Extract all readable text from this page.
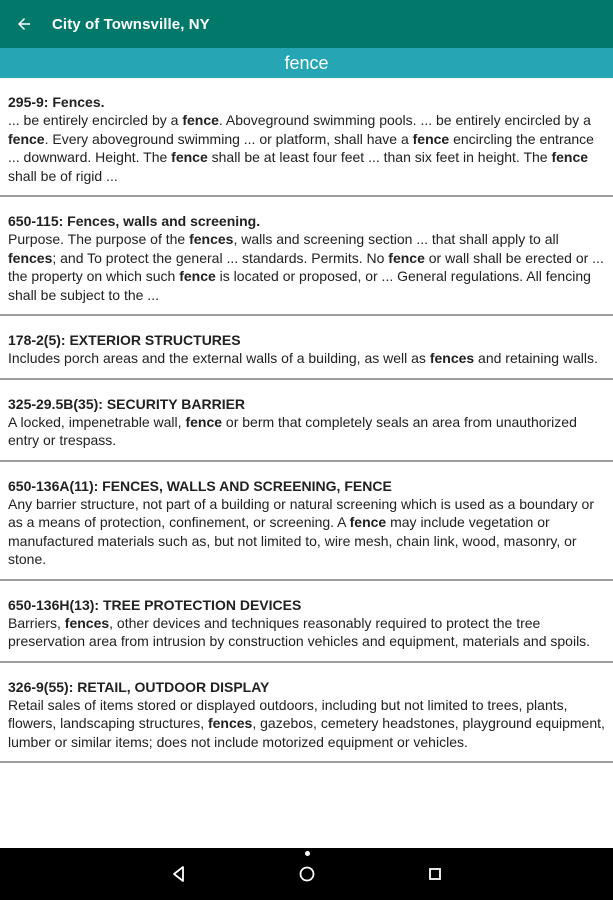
City of Townsville, NY
fence
295-9: Fences.
... be entirely encircled by a fence. Aboveground swimming pools. ... be entirely encircled by a fence. Every aboveground swimming ... or platform, shall have a fence encircling the entrance ... downward. Height. The fence shall be at least four feet ... than six feet in height. The fence shall be of rigid ...
650-115: Fences, walls and screening.
Purpose. The purpose of the fences, walls and screening section ... that shall apply to all fences; and To protect the general ... standards. Permits. No fence or wall shall be erected or ... the property on which such fence is located or proposed, or ... General regulations. All fencing shall be subject to the ...
178-2(5): EXTERIOR STRUCTURES
Includes porch areas and the external walls of a building, as well as fences and retaining walls.
325-29.5B(35): SECURITY BARRIER
A locked, impenetrable wall, fence or berm that completely seals an area from unauthorized entry or trespass.
650-136A(11): FENCES, WALLS AND SCREENING, FENCE
Any barrier structure, not part of a building or natural screening which is used as a boundary or as a means of protection, confinement, or screening. A fence may include vegetation or manufactured materials such as, but not limited to, wire mesh, chain link, wood, masonry, or stone.
650-136H(13): TREE PROTECTION DEVICES
Barriers, fences, other devices and techniques reasonably required to protect the tree preservation area from intrusion by construction vehicles and equipment, materials and spoils.
326-9(55): RETAIL, OUTDOOR DISPLAY
Retail sales of items stored or displayed outdoors, including but not limited to trees, plants, flowers, landscaping structures, fences, gazebos, cemetery headstones, playground equipment, lumber or similar items; does not include motorized equipment or vehicles.
